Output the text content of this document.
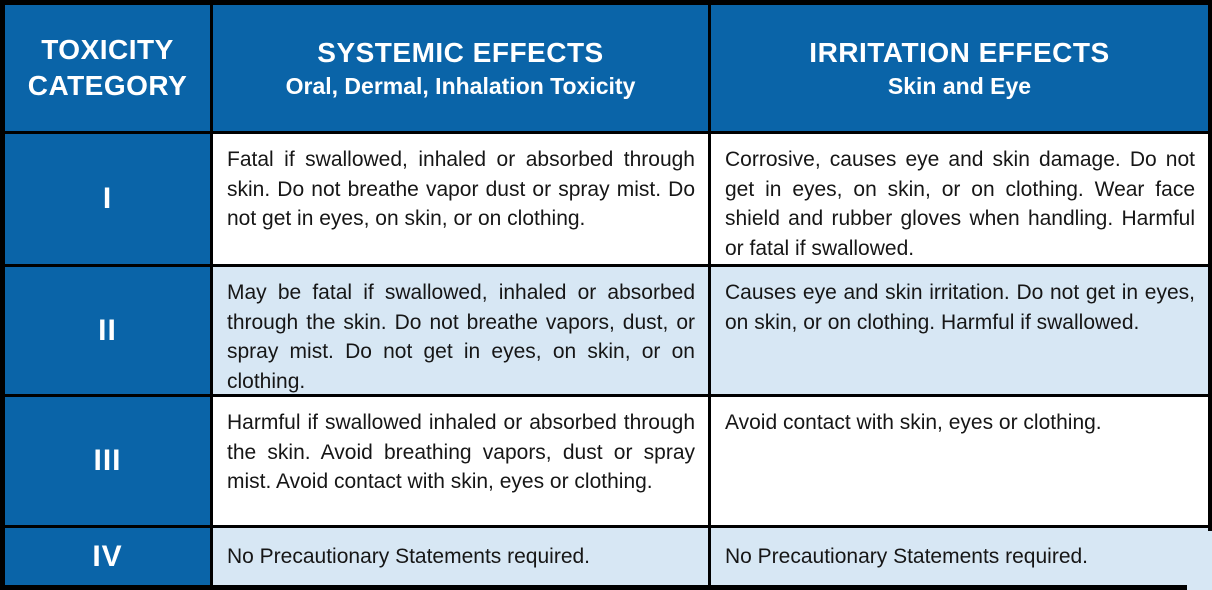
TOXICITY CATEGORY
SYSTEMIC EFFECTS
Oral, Dermal, Inhalation Toxicity
IRRITATION EFFECTS
Skin and Eye
I
Fatal if swallowed, inhaled or absorbed through skin. Do not breathe vapor dust or spray mist. Do not get in eyes, on skin, or on clothing.
Corrosive, causes eye and skin damage. Do not get in eyes, on skin, or on clothing. Wear face shield and rubber gloves when handling. Harmful or fatal if swallowed.
II
May be fatal if swallowed, inhaled or absorbed through the skin. Do not breathe vapors, dust, or spray mist. Do not get in eyes, on skin, or on clothing.
Causes eye and skin irritation. Do not get in eyes, on skin, or on clothing. Harmful if swallowed.
III
Harmful if swallowed inhaled or absorbed through the skin. Avoid breathing vapors, dust or spray mist. Avoid contact with skin, eyes or clothing.
Avoid contact with skin, eyes or clothing.
IV	No Precautionary Statements required.	No Precautionary Statements required.
